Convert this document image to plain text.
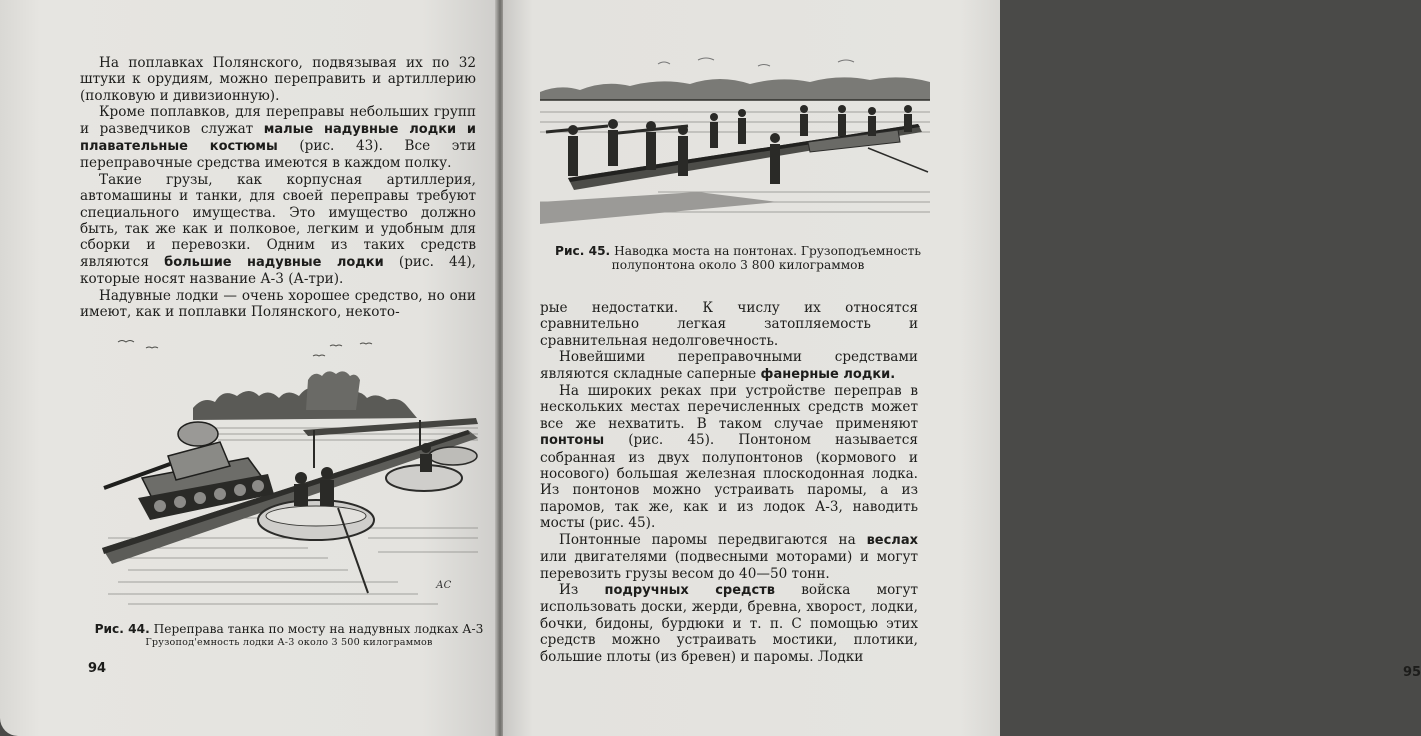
На поплавках Полянского, подвязывая их по 32 штуки к орудиям, можно переправить и артиллерию (полковую и дивизионную).

Кроме поплавков, для переправы небольших групп и разведчиков служат малые надувные лодки и плавательные костюмы (рис. 43). Все эти переправочные средства имеются в каждом полку.

Такие грузы, как корпусная артиллерия, автомашины и танки, для своей переправы требуют специального имущества. Это имущество должно быть, так же как и полковое, легким и удобным для сборки и перевозки. Одним из таких средств являются большие надувные лодки (рис. 44), которые носят название А-3 (А-три).

Надувные лодки — очень хорошее средство, но они имеют, как и поплавки Полянского, некото-

АС
Рис. 44. Переправа танка по мосту на надувных лодках А-3
Грузопод'емность лодки А-3 около 3 500 килограммов
94
Рис. 45. Наводка моста на понтонах. Грузоподъемность полупонтона около 3 800 килограммов
95

рые недостатки. К числу их относятся сравнительно легкая затопляемость и сравнительная недолговечность.

Новейшими переправочными средствами являются складные саперные фанерные лодки.

На широких реках при устройстве переправ в нескольких местах перечисленных средств может все же нехватить. В таком случае применяют понтоны (рис. 45). Понтоном называется собранная из двух полупонтонов (кормового и носового) большая железная плоскодонная лодка. Из понтонов можно устраивать паромы, а из паромов, так же, как и из лодок А-3, наводить мосты (рис. 45).

Понтонные паромы передвигаются на веслах или двигателями (подвесными моторами) и могут перевозить грузы весом до 40—50 тонн.

Из подручных средств войска могут использовать доски, жерди, бревна, хворост, лодки, бочки, бидоны, бурдюки и т. п. С помощью этих средств можно устраивать мостики, плотики, большие плоты (из бревен) и паромы. Лодки
